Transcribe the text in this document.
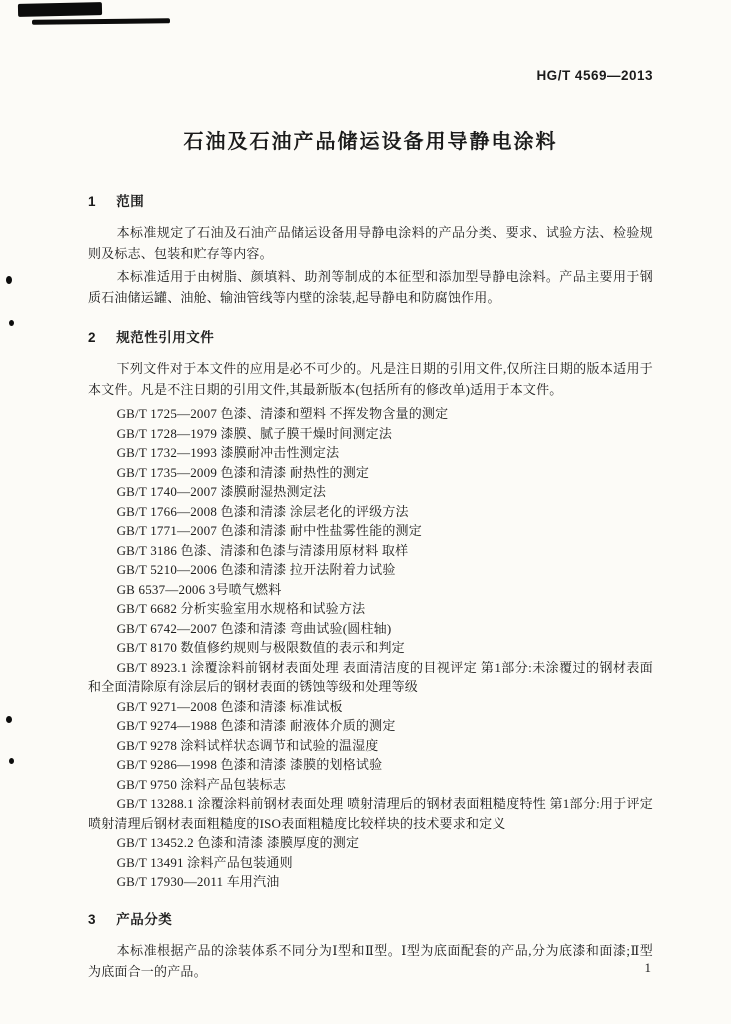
HG/T 4569—2013
石油及石油产品储运设备用导静电涂料
1 范围

本标准规定了石油及石油产品储运设备用导静电涂料的产品分类、要求、试验方法、检验规则及标志、包装和贮存等内容。

本标准适用于由树脂、颜填料、助剂等制成的本征型和添加型导静电涂料。产品主要用于钢质石油储运罐、油舱、输油管线等内壁的涂装,起导静电和防腐蚀作用。

2 规范性引用文件

下列文件对于本文件的应用是必不可少的。凡是注日期的引用文件,仅所注日期的版本适用于本文件。凡是不注日期的引用文件,其最新版本(包括所有的修改单)适用于本文件。

GB/T 1725—2007 色漆、清漆和塑料 不挥发物含量的测定

GB/T 1728—1979 漆膜、腻子膜干燥时间测定法

GB/T 1732—1993 漆膜耐冲击性测定法

GB/T 1735—2009 色漆和清漆 耐热性的测定

GB/T 1740—2007 漆膜耐湿热测定法

GB/T 1766—2008 色漆和清漆 涂层老化的评级方法

GB/T 1771—2007 色漆和清漆 耐中性盐雾性能的测定

GB/T 3186 色漆、清漆和色漆与清漆用原材料 取样

GB/T 5210—2006 色漆和清漆 拉开法附着力试验

GB 6537—2006 3号喷气燃料

GB/T 6682 分析实验室用水规格和试验方法

GB/T 6742—2007 色漆和清漆 弯曲试验(圆柱轴)

GB/T 8170 数值修约规则与极限数值的表示和判定

GB/T 8923.1 涂覆涂料前钢材表面处理 表面清洁度的目视评定 第1部分:未涂覆过的钢材表面和全面清除原有涂层后的钢材表面的锈蚀等级和处理等级

GB/T 9271—2008 色漆和清漆 标准试板

GB/T 9274—1988 色漆和清漆 耐液体介质的测定

GB/T 9278 涂料试样状态调节和试验的温湿度

GB/T 9286—1998 色漆和清漆 漆膜的划格试验

GB/T 9750 涂料产品包装标志

GB/T 13288.1 涂覆涂料前钢材表面处理 喷射清理后的钢材表面粗糙度特性 第1部分:用于评定喷射清理后钢材表面粗糙度的ISO表面粗糙度比较样块的技术要求和定义

GB/T 13452.2 色漆和清漆 漆膜厚度的测定

GB/T 13491 涂料产品包装通则

GB/T 17930—2011 车用汽油

3 产品分类

本标准根据产品的涂装体系不同分为Ⅰ型和Ⅱ型。Ⅰ型为底面配套的产品,分为底漆和面漆;Ⅱ型为底面合一的产品。	1
